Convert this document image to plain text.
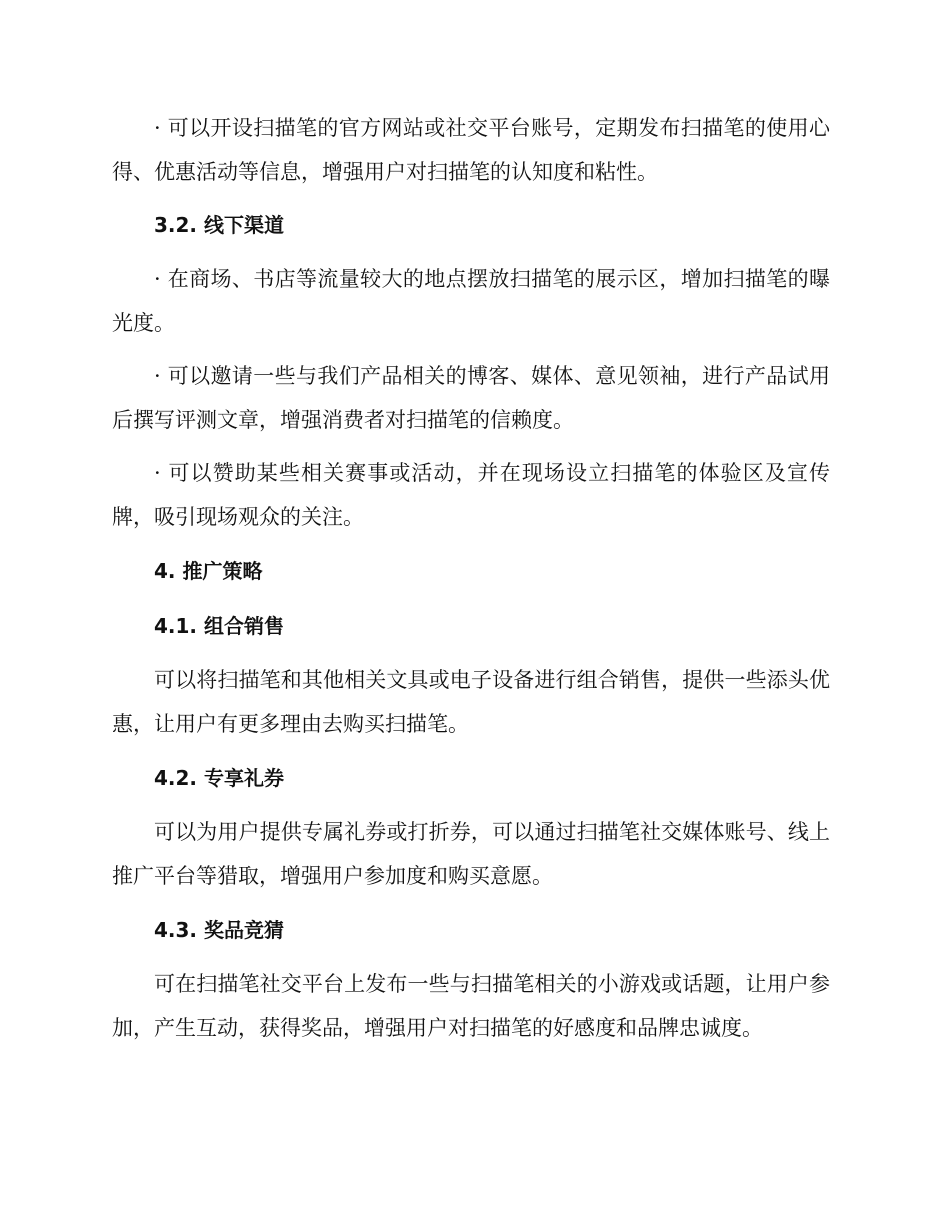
· 可以开设扫描笔的官方网站或社交平台账号，定期发布扫描笔的使用心得、优惠活动等信息，增强用户对扫描笔的认知度和粘性。

3.2. 线下渠道

· 在商场、书店等流量较大的地点摆放扫描笔的展示区，增加扫描笔的曝光度。

· 可以邀请一些与我们产品相关的博客、媒体、意见领袖，进行产品试用后撰写评测文章，增强消费者对扫描笔的信赖度。

· 可以赞助某些相关赛事或活动，并在现场设立扫描笔的体验区及宣传牌，吸引现场观众的关注。

4. 推广策略
4.1. 组合销售

可以将扫描笔和其他相关文具或电子设备进行组合销售，提供一些添头优惠，让用户有更多理由去购买扫描笔。

4.2. 专享礼券

可以为用户提供专属礼券或打折券，可以通过扫描笔社交媒体账号、线上推广平台等猎取，增强用户参加度和购买意愿。

4.3. 奖品竞猜

可在扫描笔社交平台上发布一些与扫描笔相关的小游戏或话题，让用户参加，产生互动，获得奖品，增强用户对扫描笔的好感度和品牌忠诚度。
